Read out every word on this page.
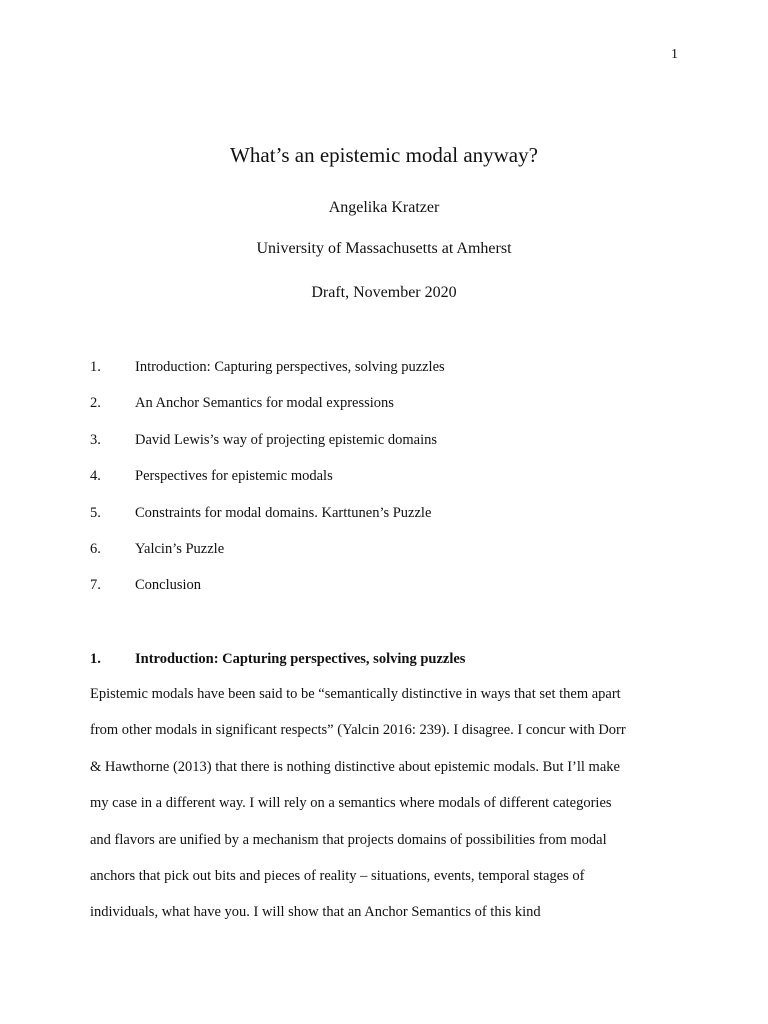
1
What’s an epistemic modal anyway?
Angelika Kratzer
University of Massachusetts at Amherst
Draft, November 2020
1.	Introduction: Capturing perspectives, solving puzzles
2.	An Anchor Semantics for modal expressions
3.	David Lewis’s way of projecting epistemic domains
4.	Perspectives for epistemic modals
5.	Constraints for modal domains. Karttunen’s Puzzle
6.	Yalcin’s Puzzle
7.	Conclusion
1.	Introduction: Capturing perspectives, solving puzzles
Epistemic modals have been said to be “semantically distinctive in ways that set them apart
from other modals in significant respects” (Yalcin 2016: 239). I disagree. I concur with Dorr
& Hawthorne (2013) that there is nothing distinctive about epistemic modals. But I’ll make
my case in a different way. I will rely on a semantics where modals of different categories
and flavors are unified by a mechanism that projects domains of possibilities from modal
anchors that pick out bits and pieces of reality – situations, events, temporal stages of
individuals, what have you. I will show that an Anchor Semantics of this kind
